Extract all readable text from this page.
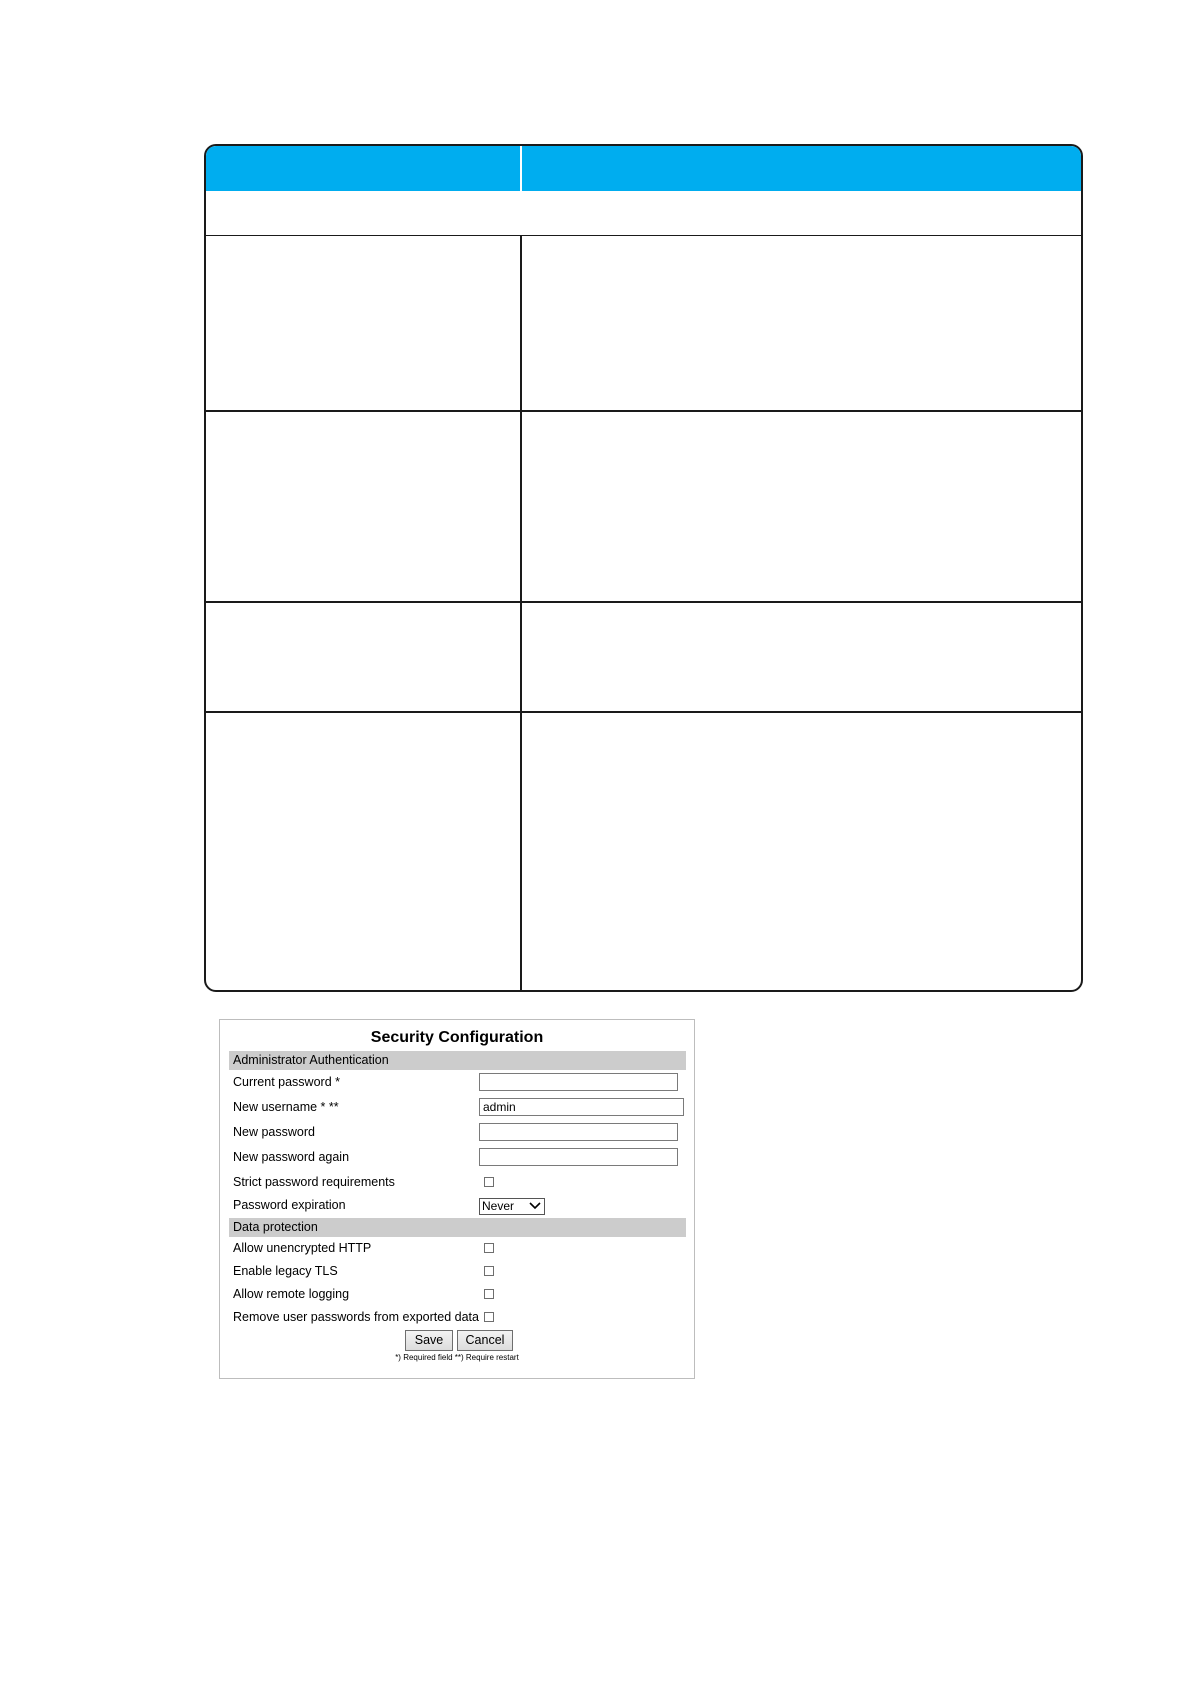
Security Configuration
Administrator Authentication
Current password *
New username * **	admin
New password
New password again
Strict password requirements
Password expiration	Never
Data protection
Allow unencrypted HTTP
Enable legacy TLS
Allow remote logging
Remove user passwords from exported data
Save	Cancel
*) Required field **) Require restart
